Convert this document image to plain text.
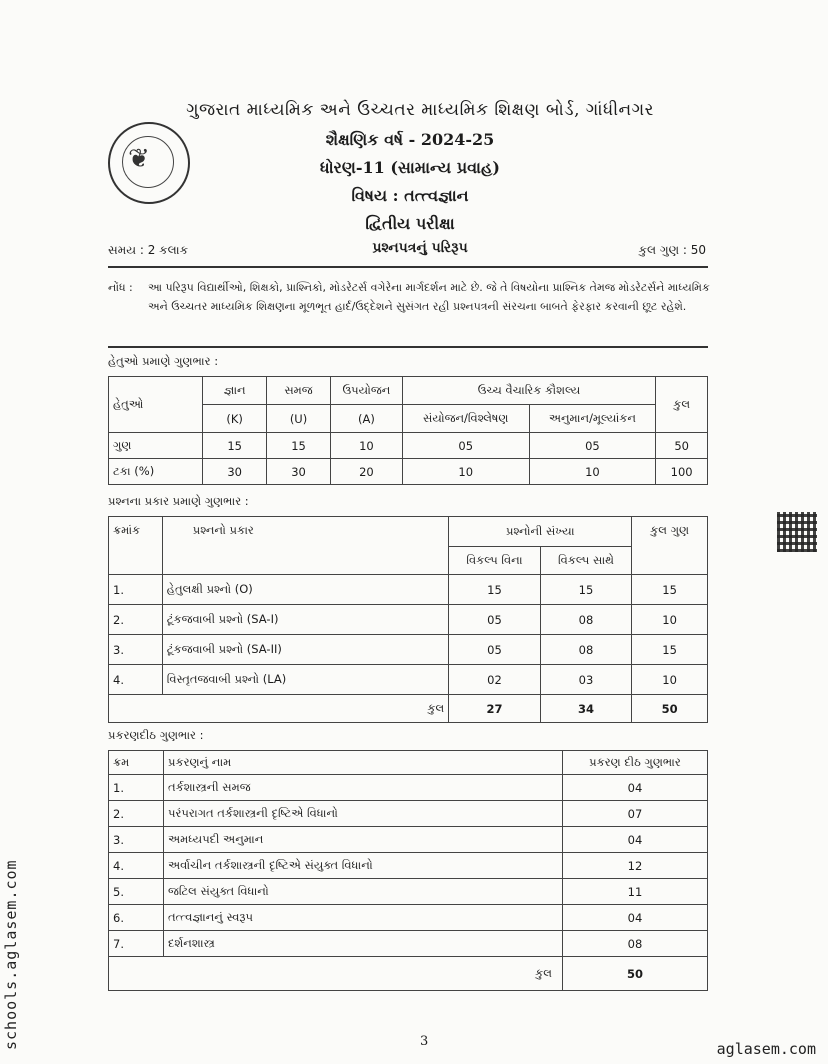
❦
ગુજરાત માધ્યમિક અને ઉચ્ચતર માધ્યમિક શિક્ષણ બોર્ડ, ગાંધીનગર
શૈક્ષણિક વર્ષ - 2024-25
ધોરણ-11 (સામાન્ય પ્રવાહ)
વિષય : તત્ત્વજ્ઞાન
દ્વિતીય પરીક્ષા
સમય : 2 કલાક	પ્રશ્નપત્રનું પરિરૂપ	કુલ ગુણ : 50
નોંધ : આ પરિરૂપ વિદ્યાર્થીઓ, શિક્ષકો, પ્રાશ્નિકો, મોડરેટર્સ વગેરેના માર્ગદર્શન માટે છે. જે તે વિષયોના પ્રાશ્નિક તેમજ મોડરેટર્સને માધ્યમિક અને ઉચ્ચતર માધ્યમિક શિક્ષણના મૂળભૂત હાર્દ/ઉદ્દેશને સુસંગત રહી પ્રશ્નપત્રની સંરચના બાબતે ફેરફાર કરવાની છૂટ રહેશે.
હેતુઓ પ્રમાણે ગુણભાર :
હેતુઓ	જ્ઞાન	સમજ	ઉપયોજન	ઉચ્ચ વૈચારિક કૌશલ્ય		કુલ
	(K)	(U)	(A)	સંયોજન/વિશ્લેષણ	અનુમાન/મૂલ્યાંકન	
ગુણ	15	15	10	05	05	50
ટકા (%)	30	30	20	10	10	100
પ્રશ્નના પ્રકાર પ્રમાણે ગુણભાર :
ક્રમાંક	પ્રશ્નનો પ્રકાર	પ્રશ્નોની સંખ્યા		કુલ ગુણ
		વિકલ્પ વિના	વિકલ્પ સાથે	
1.	હેતુલક્ષી પ્રશ્નો (O)	15	15	15
2.	ટૂંકજવાબી પ્રશ્નો (SA-I)	05	08	10
3.	ટૂંકજવાબી પ્રશ્નો (SA-II)	05	08	15
4.	વિસ્તૃતજવાબી પ્રશ્નો (LA)	02	03	10
	કુલ	27	34	50
પ્રકરણદીઠ ગુણભાર :
ક્રમ	પ્રકરણનું નામ	પ્રકરણ દીઠ ગુણભાર
1.	તર્કશાસ્ત્રની સમજ	04
2.	પરંપરાગત તર્કશાસ્ત્રની દૃષ્ટિએ વિધાનો	07
3.	અમધ્યપદી અનુમાન	04
4.	અર્વાચીન તર્કશાસ્ત્રની દૃષ્ટિએ સંયુક્ત વિધાનો	12
5.	જટિલ સંયુક્ત વિધાનો	11
6.	તત્ત્વજ્ઞાનનું સ્વરૂપ	04
7.	દર્શનશાસ્ત્ર	08
	કુલ	50
3
schools.aglasem.com	aglasem.com
